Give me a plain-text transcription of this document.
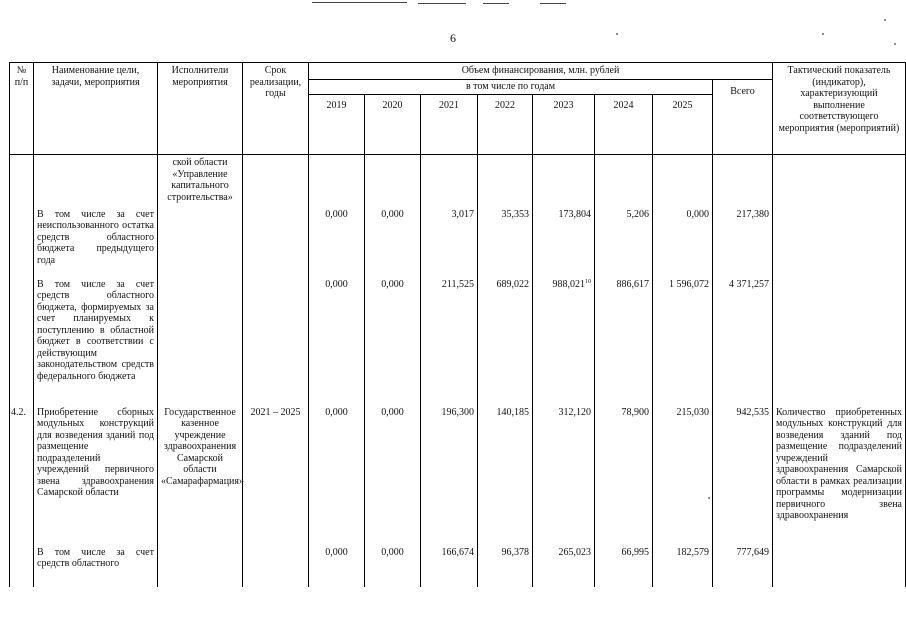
6
№ п/п	Наименование цели, задачи, мероприятия	Исполнители мероприятия	Срок реализации, годы	Объем финансирования, млн. рублей								Тактический показатель (индикатор), характеризующий выполнение соответствующего мероприятия (мероприятий)
				в том числе по годам							Всего	
				2019	2020	2021	2022	2023	2024	2025		
		ской области «Управление капитального строительства»										
	В том числе за счет неиспользованного остатка средств областного бюджета предыдущего года			0,000	0,000	3,017	35,353	173,804	5,206	0,000	217,380	
	В том числе за счет средств областного бюджета, формируемых за счет планируемых к поступлению в областной бюджет в соответствии с действующим законодательством средств федерального бюджета			0,000	0,000	211,525	689,022	988,021$^{10}$	886,617	1 596,072	4 371,257	
4.2.	Приобретение сборных модульных конструкций для возведения зданий под размещение подразделений учреждений первичного звена здравоохранения Самарской области	Государственное казенное учреждение здравоохранения Самарской области «Самарафармация»	2021 – 2025	0,000	0,000	196,300	140,185	312,120	78,900	215,030	942,535	Количество приобретенных модульных конструкций для возведения зданий под размещение подразделений учреждений здравоохранения Самарской области в рамках реализации программы модернизации первичного звена здравоохранения
	В том числе за счет средств областного			0,000	0,000	166,674	96,378	265,023	66,995	182,579	777,649	
